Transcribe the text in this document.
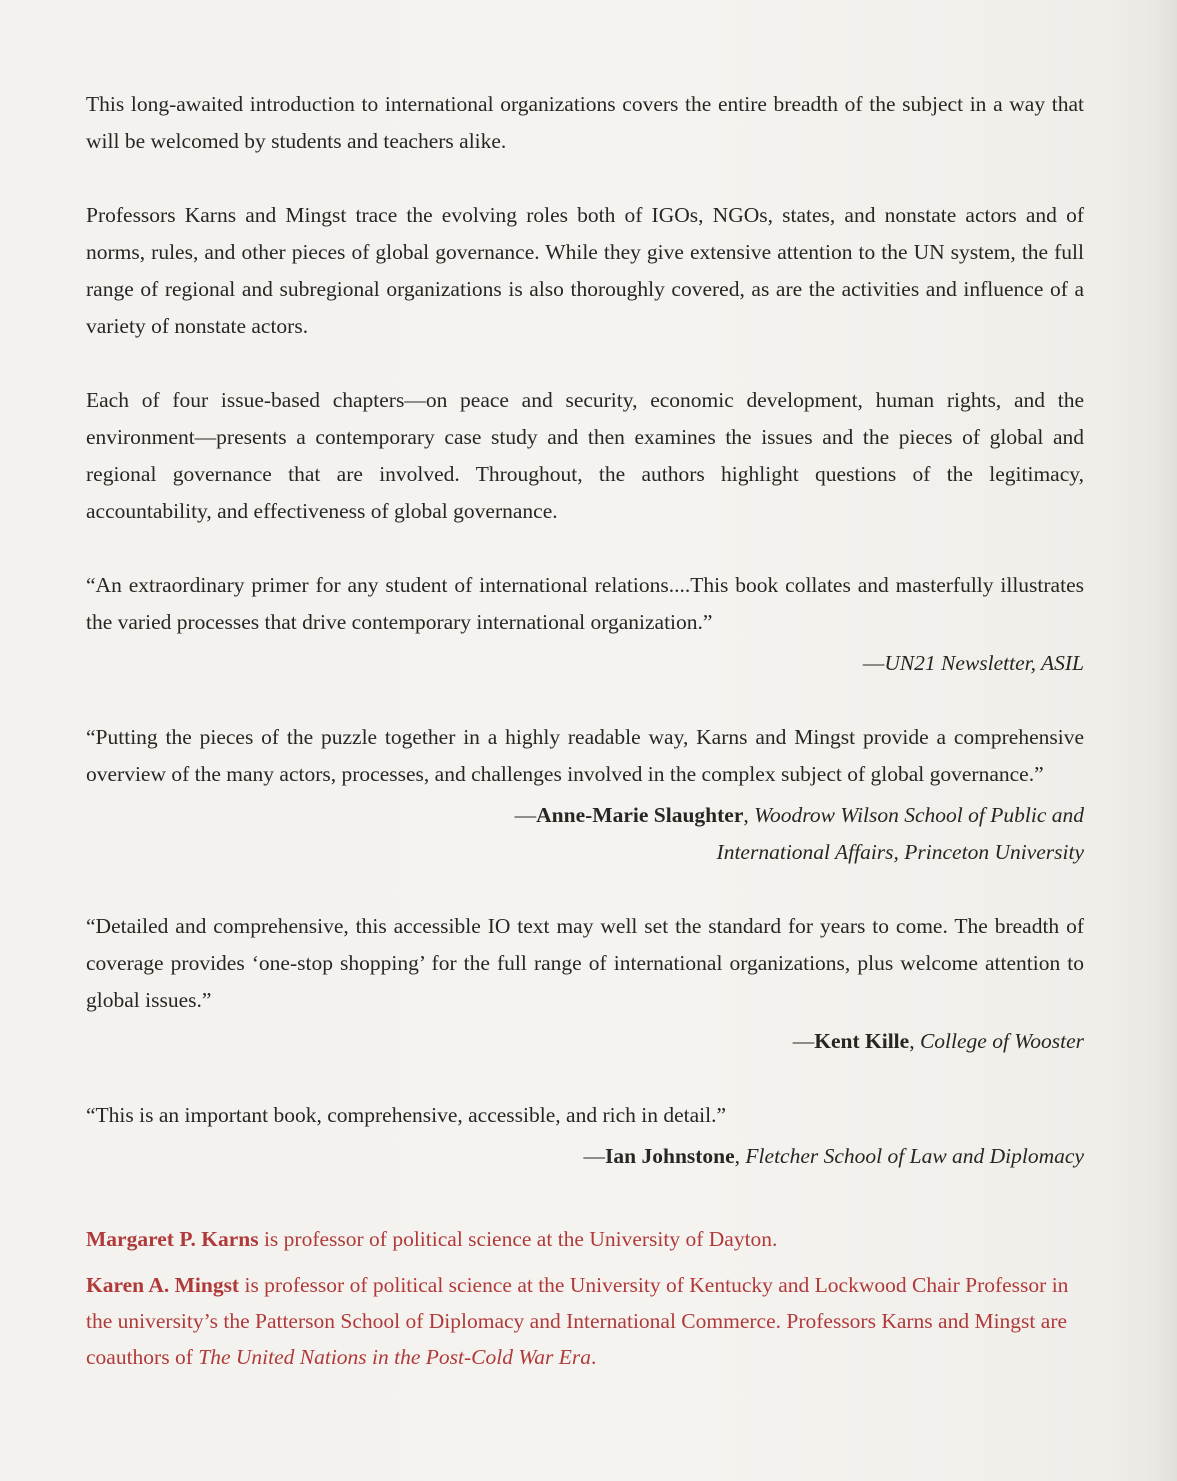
This long-awaited introduction to international organizations covers the entire breadth of the subject in a way that will be welcomed by students and teachers alike.

Professors Karns and Mingst trace the evolving roles both of IGOs, NGOs, states, and nonstate actors and of norms, rules, and other pieces of global governance. While they give extensive attention to the UN system, the full range of regional and subregional organizations is also thoroughly covered, as are the activities and influence of a variety of nonstate actors.

Each of four issue-based chapters—on peace and security, economic development, human rights, and the environment—presents a contemporary case study and then examines the issues and the pieces of global and regional governance that are involved. Throughout, the authors highlight questions of the legitimacy, accountability, and effectiveness of global governance.

“An extraordinary primer for any student of international relations....This book collates and masterfully illustrates the varied processes that drive contemporary international organization.”

—UN21 Newsletter, ASIL

“Putting the pieces of the puzzle together in a highly readable way, Karns and Mingst provide a comprehensive overview of the many actors, processes, and challenges involved in the complex subject of global governance.”

—Anne-Marie Slaughter, Woodrow Wilson School of Public and
International Affairs, Princeton University

“Detailed and comprehensive, this accessible IO text may well set the standard for years to come. The breadth of coverage provides ‘one-stop shopping’ for the full range of international organizations, plus welcome attention to global issues.”

—Kent Kille, College of Wooster

“This is an important book, comprehensive, accessible, and rich in detail.”

—Ian Johnstone, Fletcher School of Law and Diplomacy

Margaret P. Karns is professor of political science at the University of Dayton.

Karen A. Mingst is professor of political science at the University of Kentucky and Lockwood Chair Professor in the university’s the Patterson School of Diplomacy and International Commerce. Professors Karns and Mingst are coauthors of The United Nations in the Post-Cold War Era.
